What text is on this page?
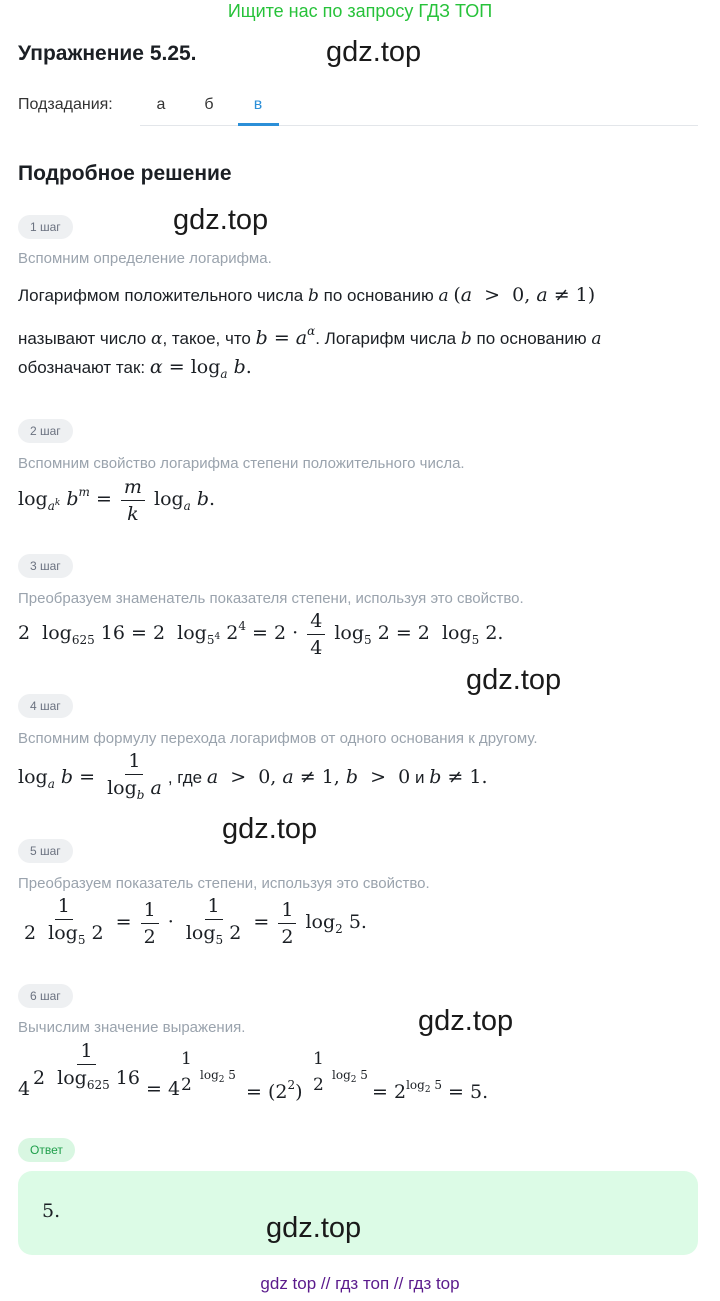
Ищите нас по запросу ГДЗ ТОП
Упражнение 5.25.	gdz.top
Подзадания:	а	б	в
Подробное решение
1 шаг	gdz.top
Вспомним определение логарифма.
Логарифмом положительного числа b по основанию a (a  >  0, a ≠ 1)
называют число α, такое, что $b = a^\alpha$. Логарифм числа b по основанию a
обозначают так: $\alpha = \log_a b$.
2 шаг
Вспомним свойство логарифма степени положительного числа.
$\log_{a^k} b^m = \frac{m}{k} \log_a b$.
3 шаг
Преобразуем знаменатель показателя степени, используя это свойство.
2  $\log_{625} 16 = 2$  $\log_{5^4} 2^4 = 2 \cdot \frac{4}{4} \log_5 2 = 2$  $\log_5 2$.
gdz.top
4 шаг
Вспомним формулу перехода логарифмов от одного основания к другому.
$\log_a b = \frac{1}{\log_b a}$ , где a  >  0, a ≠ 1, b  >  0 и b ≠ 1.
gdz.top
5 шаг
Преобразуем показатель степени, используя это свойство.
$\frac{1}{2 \log_5 2} = \frac{1}{2} \cdot \frac{1}{\log_5 2} = \frac{1}{2} \log_2 5$.
6 шаг
Вычислим значение выражения.	gdz.top
$4 \frac{1}{2 \log_{625} 16} = 4$
1
2 $\log_2 5$
= $(2^2)$
1
2 $\log_2 5$
= $2^{log_2 5} = 5$.
Ответ
5.
gdz.top
gdz top // гдз топ // гдз top
